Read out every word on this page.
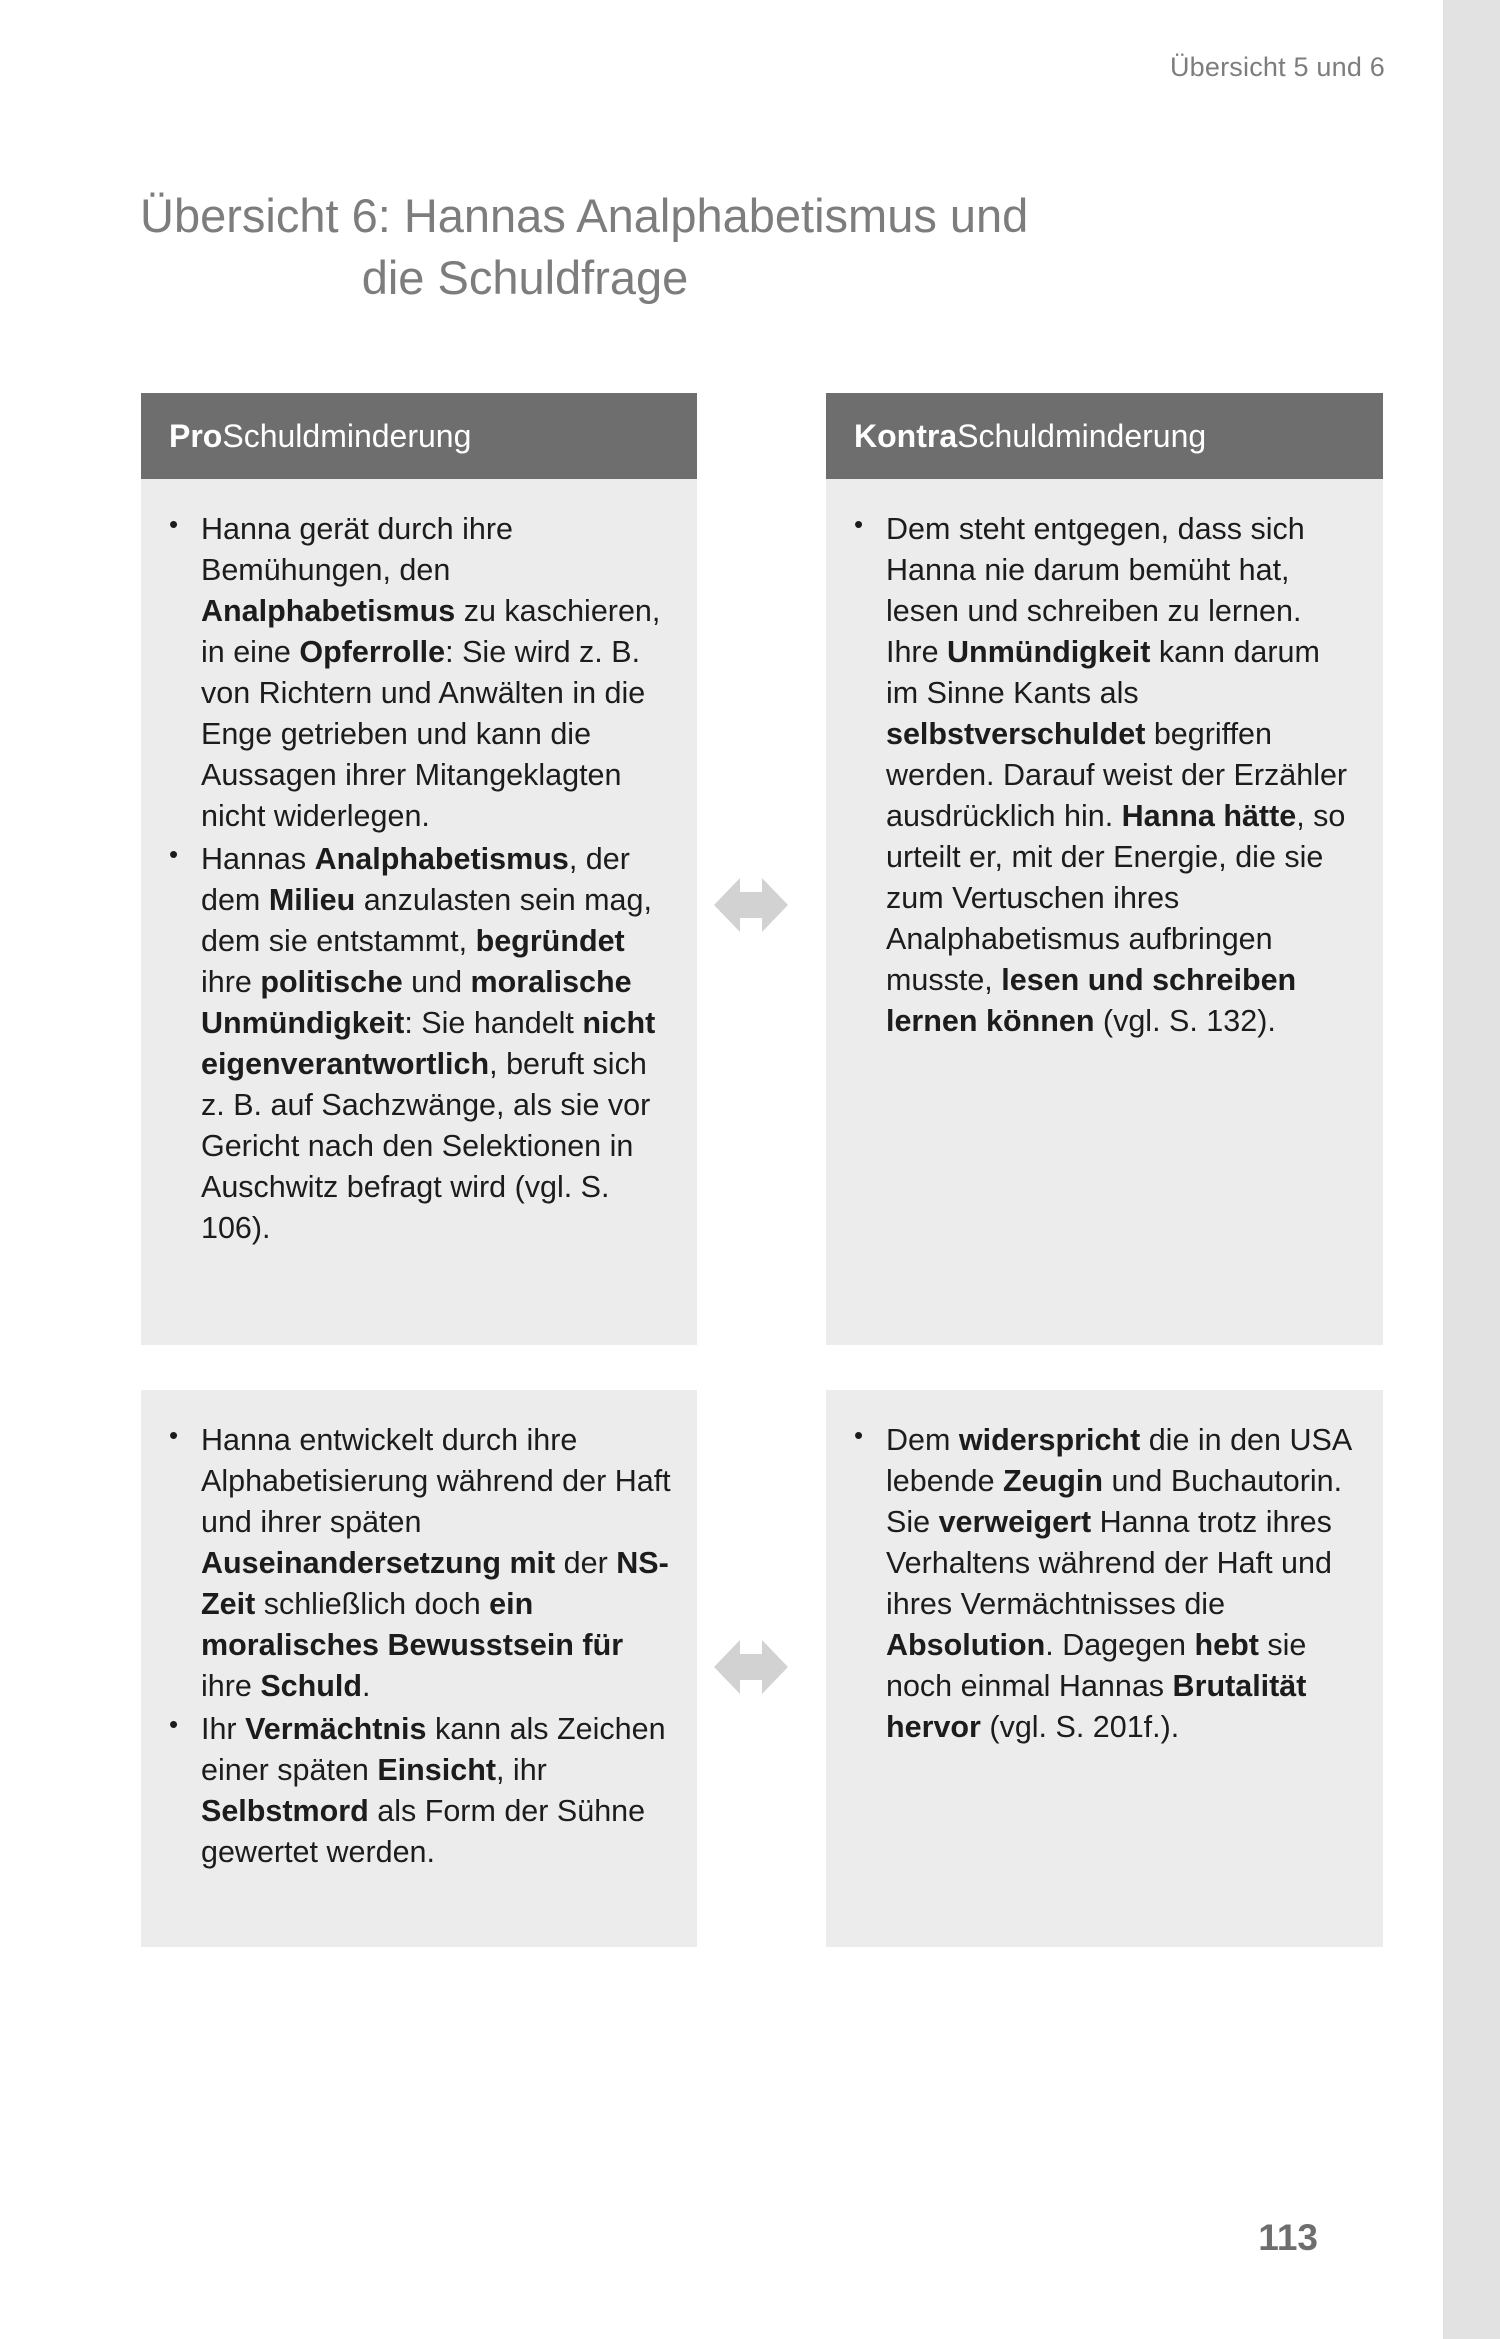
Übersicht 5 und 6
Übersicht 6: Hannas Analphabetismus und
die Schuldfrage
Pro Schuldminderung	Kontra Schuldminderung
• Hanna gerät durch ihre Bemühungen, den Analphabetismus zu kaschieren, in eine Opferrolle: Sie wird z. B. von Richtern und Anwälten in die Enge getrieben und kann die Aussagen ihrer Mitangeklagten nicht widerlegen.
• Hannas Analphabetismus, der dem Milieu anzulasten sein mag, dem sie entstammt, begründet ihre politische und moralische Unmündigkeit: Sie handelt nicht eigenverantwortlich, beruft sich z. B. auf Sachzwänge, als sie vor Gericht nach den Selektionen in Auschwitz befragt wird (vgl. S. 106).
• Dem steht entgegen, dass sich Hanna nie darum bemüht hat, lesen und schreiben zu lernen. Ihre Unmündigkeit kann darum im Sinne Kants als selbstverschuldet begriffen werden. Darauf weist der Erzähler ausdrücklich hin. Hanna hätte, so urteilt er, mit der Energie, die sie zum Vertuschen ihres Analphabetismus aufbringen musste, lesen und schreiben lernen können (vgl. S. 132).
• Hanna entwickelt durch ihre Alphabetisierung während der Haft und ihrer späten Auseinandersetzung mit der NS-Zeit schließlich doch ein moralisches Bewusstsein für ihre Schuld.
• Ihr Vermächtnis kann als Zeichen einer späten Einsicht, ihr Selbstmord als Form der Sühne gewertet werden.
• Dem widerspricht die in den USA lebende Zeugin und Buchautorin. Sie verweigert Hanna trotz ihres Verhaltens während der Haft und ihres Vermächtnisses die Absolution. Dagegen hebt sie noch einmal Hannas Brutalität hervor (vgl. S. 201f.).
113
